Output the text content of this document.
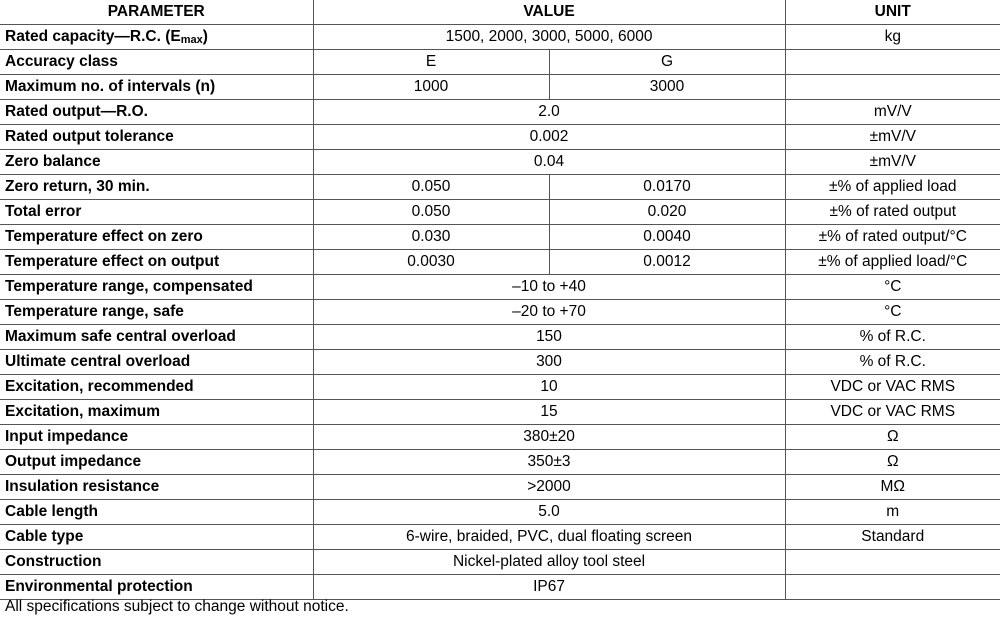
PARAMETER	VALUE		UNIT
Rated capacity—R.C. $(E_{max})$	1500, 2000, 3000, 5000, 6000		kg
Accuracy class	E	G	
Maximum no. of intervals (n)	1000	3000	
Rated output—R.O.	2.0		mV/V
Rated output tolerance	0.002		±mV/V
Zero balance	0.04		±mV/V
Zero return, 30 min.	0.050	0.0170	±% of applied load
Total error	0.050	0.020	±% of rated output
Temperature effect on zero	0.030	0.0040	±% of rated output/°C
Temperature effect on output	0.0030	0.0012	±% of applied load/°C
Temperature range, compensated	–10 to +40		°C
Temperature range, safe	–20 to +70		°C
Maximum safe central overload	150		% of R.C.
Ultimate central overload	300		% of R.C.
Excitation, recommended	10		VDC or VAC RMS
Excitation, maximum	15		VDC or VAC RMS
Input impedance	380±20		Ω
Output impedance	350±3		Ω
Insulation resistance	>2000		MΩ
Cable length	5.0		m
Cable type	6-wire, braided, PVC, dual floating screen		Standard
Construction	Nickel-plated alloy tool steel		
Environmental protection	IP67		
All specifications subject to change without notice.
